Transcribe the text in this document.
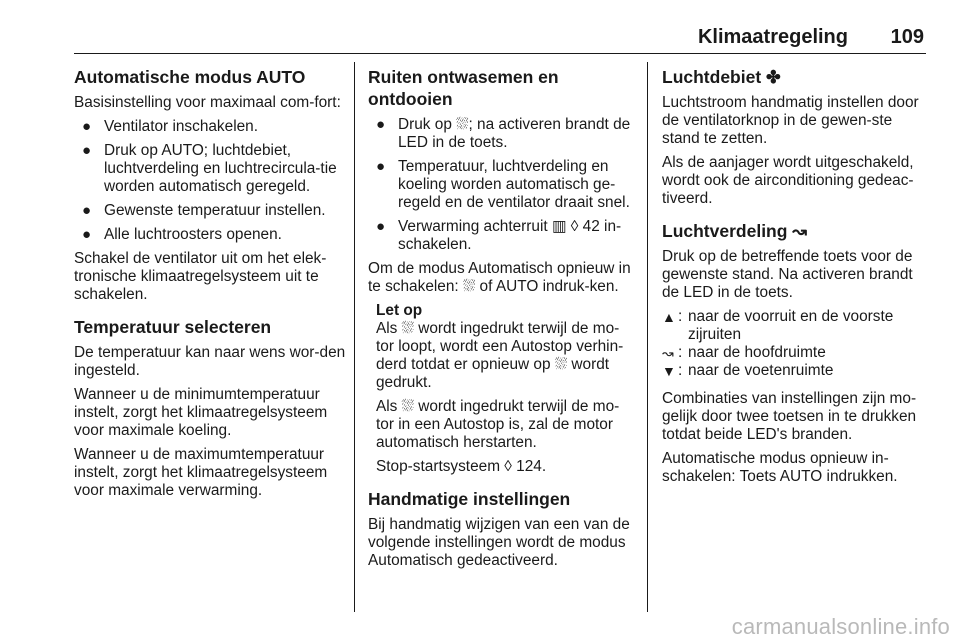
Klimaatregeling 109
Automatische modus AUTO

Basisinstelling voor maximaal com-fort:

● Ventilator inschakelen.
● Druk op AUTO; luchtdebiet, luchtverdeling en luchtrecircula-tie worden automatisch geregeld.
● Gewenste temperatuur instellen.
● Alle luchtroosters openen.

Schakel de ventilator uit om het elek-tronische klimaatregelsysteem uit te schakelen.

Temperatuur selecteren

De temperatuur kan naar wens wor-den ingesteld.

Wanneer u de minimumtemperatuur instelt, zorgt het klimaatregelsysteem voor maximale koeling.

Wanneer u de maximumtemperatuur instelt, zorgt het klimaatregelsysteem voor maximale verwarming.

Ruiten ontwasemen en ontdooien
● Druk op ⛆; na activeren brandt de LED in de toets.
● Temperatuur, luchtverdeling en koeling worden automatisch ge-regeld en de ventilator draait snel.
● Verwarming achterruit ▥ ◊ 42 in-schakelen.

Om de modus Automatisch opnieuw in te schakelen: ⛆ of AUTO indruk-ken.

Let op

Als ⛆ wordt ingedrukt terwijl de mo-tor loopt, wordt een Autostop verhin-derd totdat er opnieuw op ⛆ wordt gedrukt.

Als ⛆ wordt ingedrukt terwijl de mo-tor in een Autostop is, zal de motor automatisch herstarten.

Stop-startsysteem ◊ 124.

Handmatige instellingen

Bij handmatig wijzigen van een van de volgende instellingen wordt de modus Automatisch gedeactiveerd.

Luchtdebiet ✤

Luchtstroom handmatig instellen door de ventilatorknop in de gewen-ste stand te zetten.

Als de aanjager wordt uitgeschakeld, wordt ook de airconditioning gedeac-tiveerd.

Luchtverdeling ↝

Druk op de betreffende toets voor de gewenste stand. Na activeren brandt de LED in de toets.

▲ : naar de voorruit en de voorste zijruiten
↝ : naar de hoofdruimte
▼ : naar de voetenruimte

Combinaties van instellingen zijn mo-gelijk door twee toetsen in te drukken totdat beide LED's branden.

Automatische modus opnieuw in-schakelen: Toets AUTO indrukken.

carmanualsonline.info
